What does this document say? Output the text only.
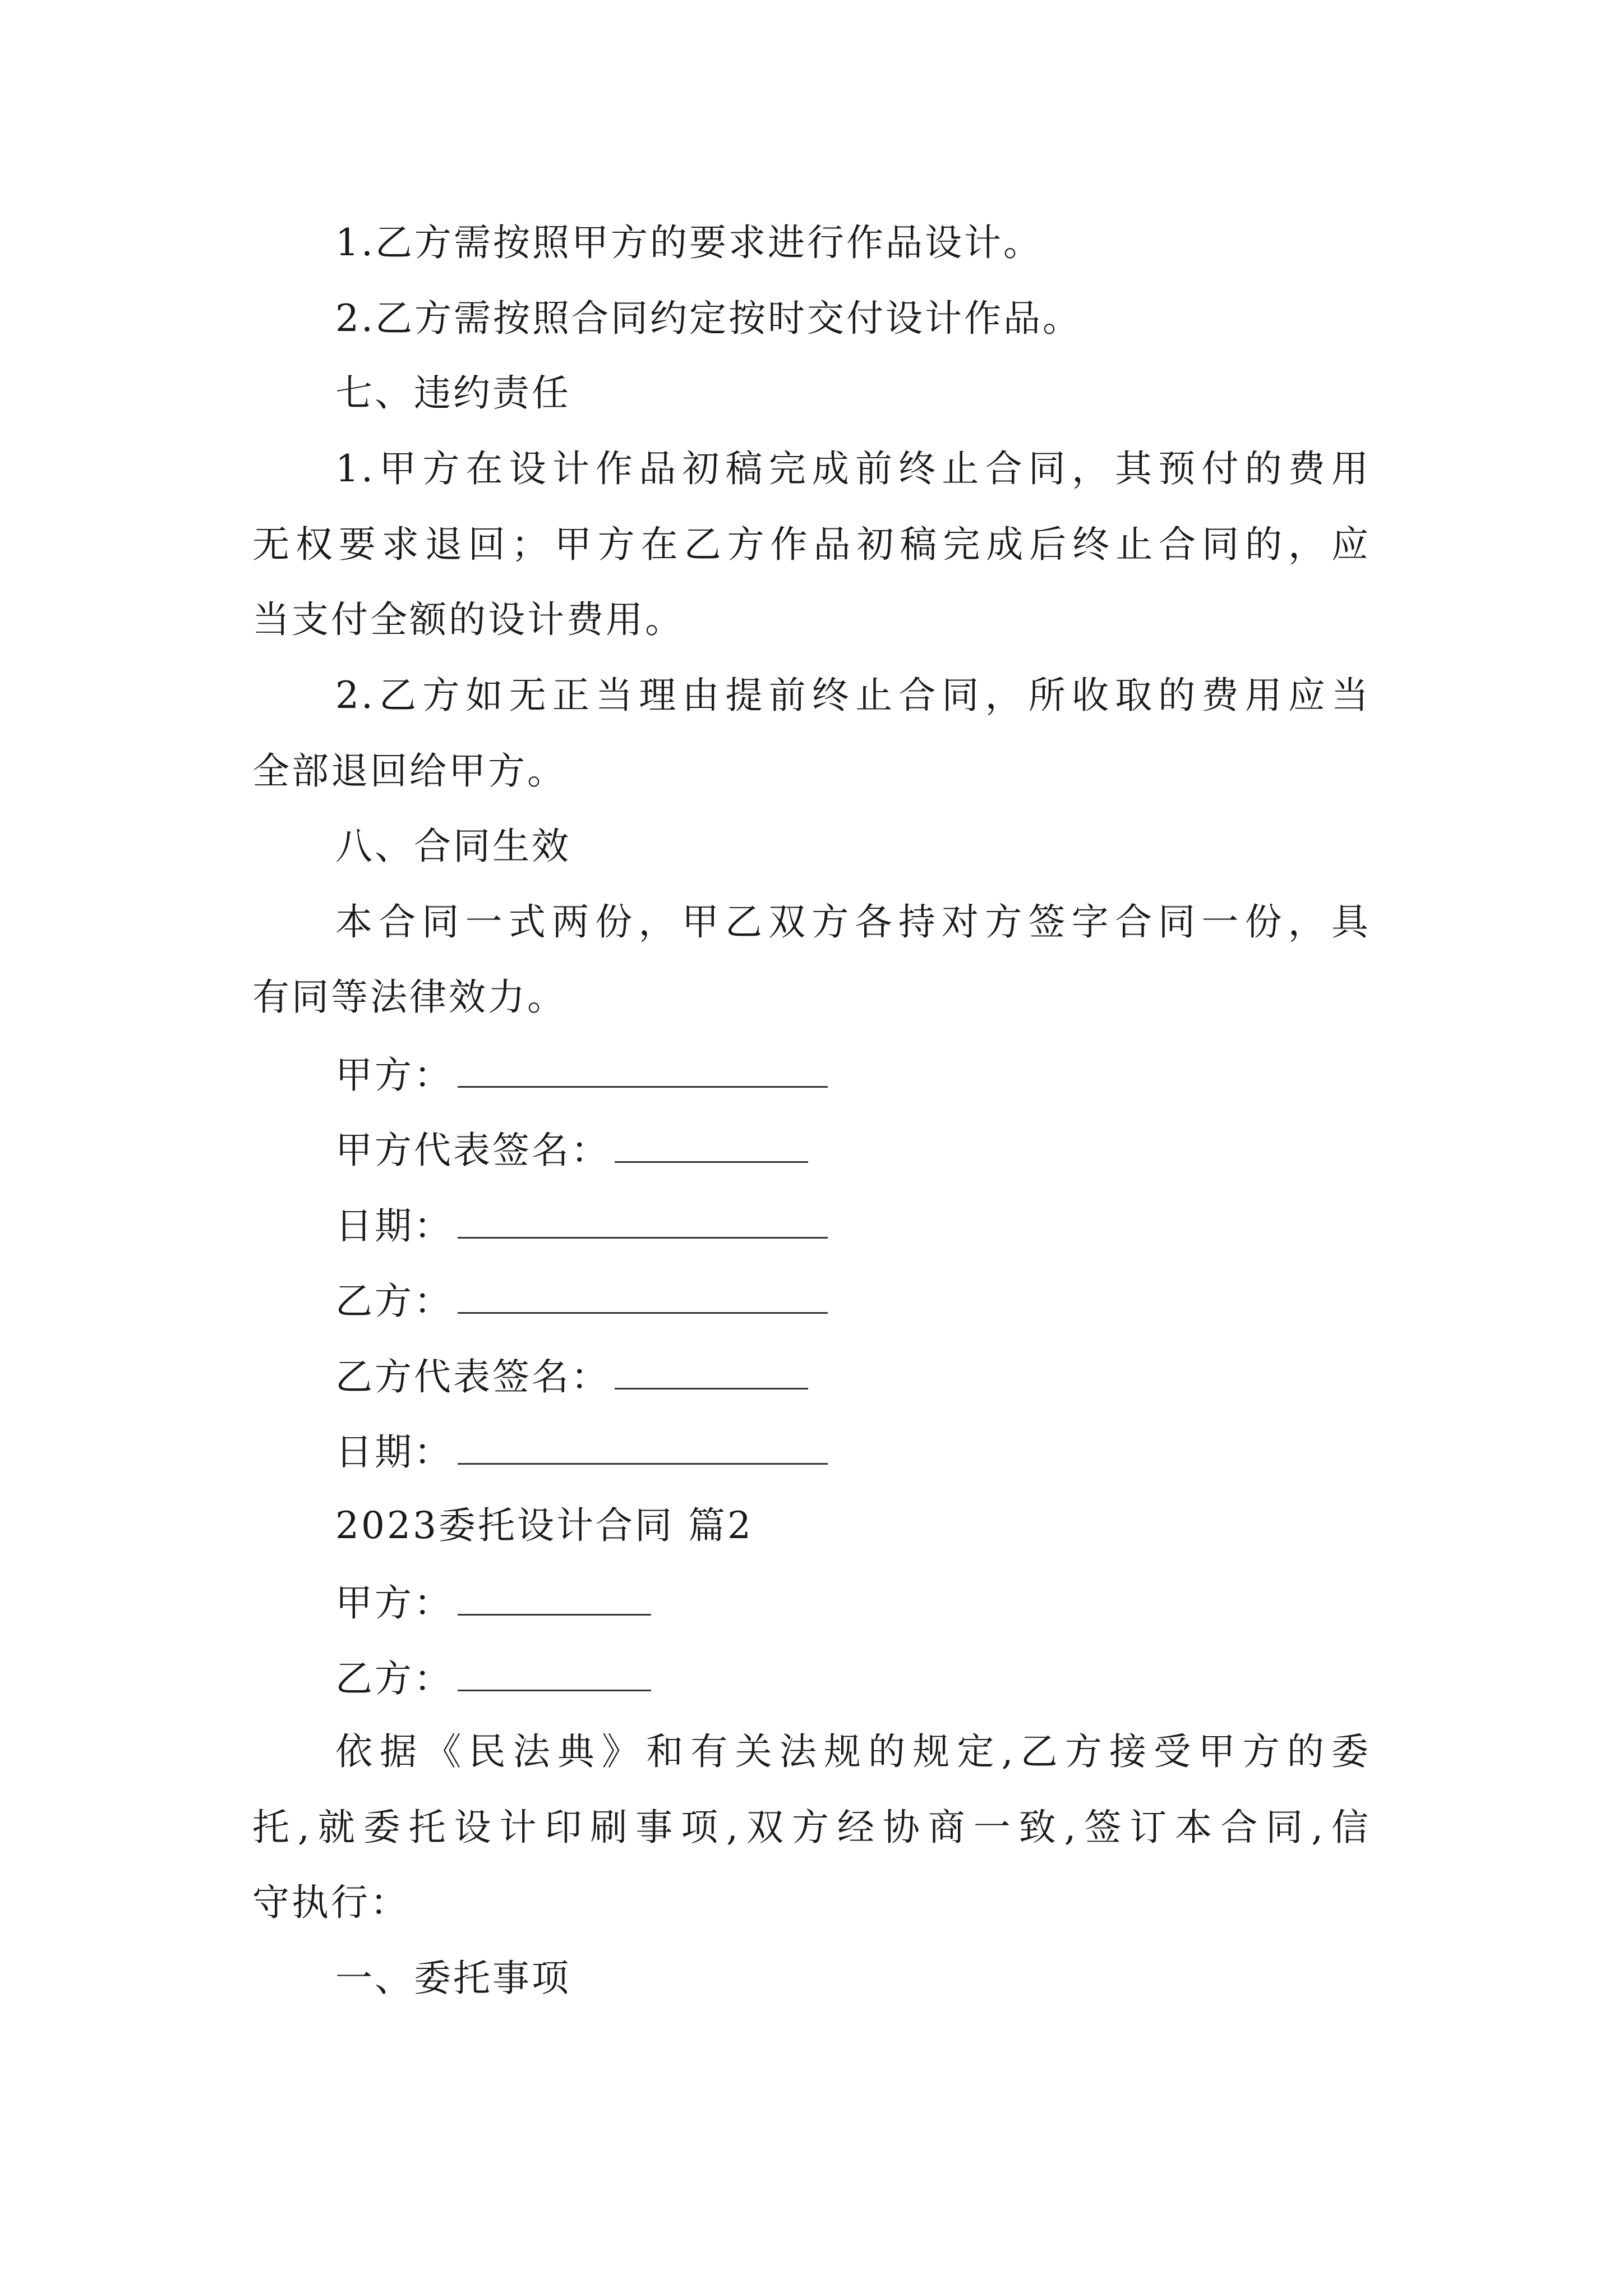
1.乙方需按照甲方的要求进行作品设计。
2.乙方需按照合同约定按时交付设计作品。
七、违约责任
1.甲方在设计作品初稿完成前终止合同，其预付的费用
无权要求退回；甲方在乙方作品初稿完成后终止合同的，应
当支付全额的设计费用。
2.乙方如无正当理由提前终止合同，所收取的费用应当
全部退回给甲方。
八、合同生效
本合同一式两份，甲乙双方各持对方签字合同一份，具
有同等法律效力。
甲方：
甲方代表签名：
日期：
乙方：
乙方代表签名：
日期：
2023委托设计合同 篇2
甲方：
乙方：
依据《民法典》和有关法规的规定,乙方接受甲方的委
托,就委托设计印刷事项,双方经协商一致,签订本合同,信
守执行：
一、委托事项
